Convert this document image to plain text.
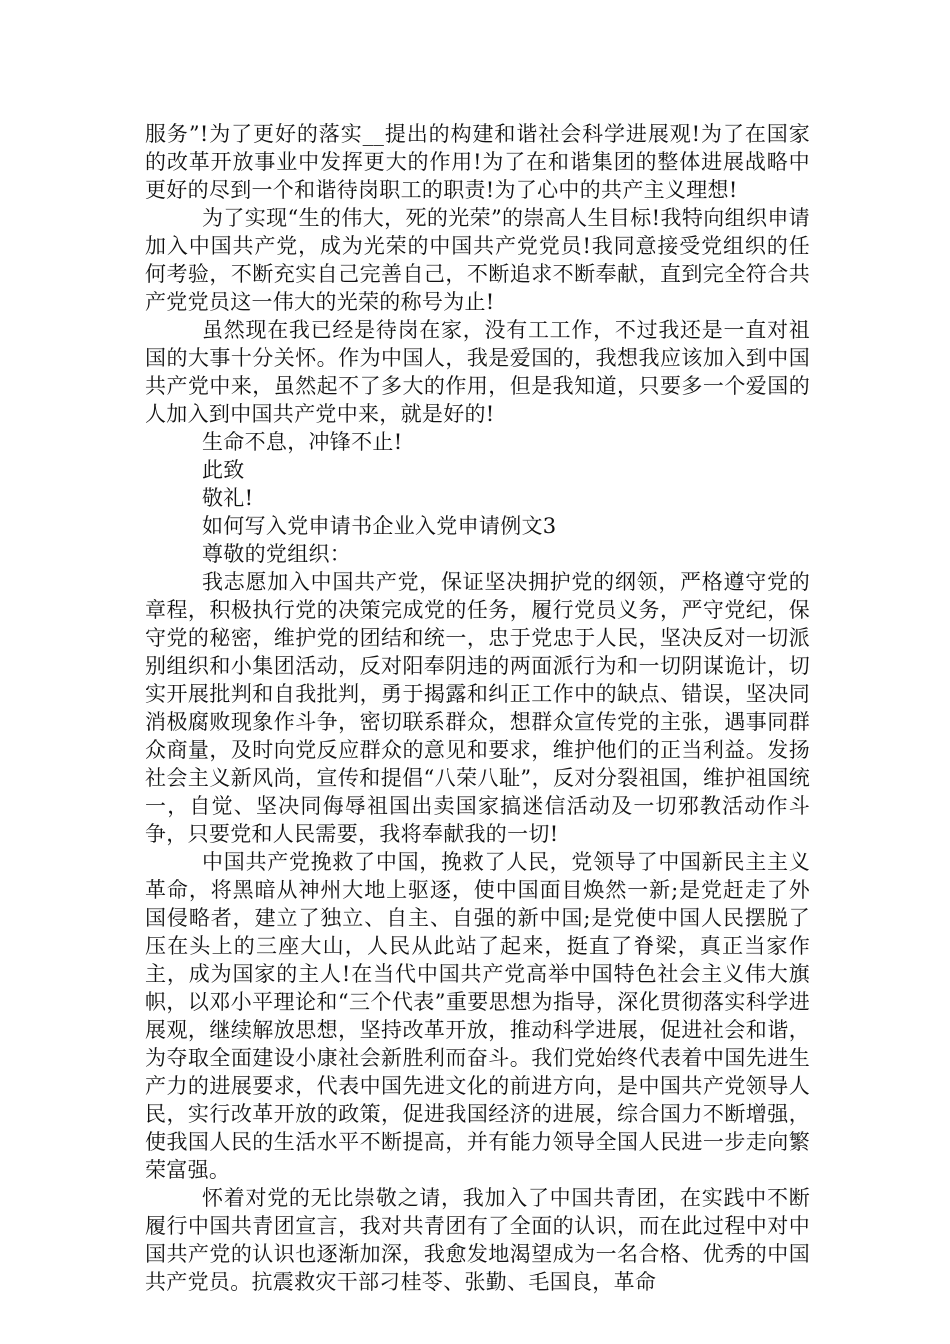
服务”!为了更好的落实__提出的构建和谐社会科学进展观!为了在国家的改革开放事业中发挥更大的作用!为了在和谐集团的整体进展战略中更好的尽到一个和谐待岗职工的职责!为了心中的共产主义理想!

为了实现“生的伟大，死的光荣”的崇高人生目标!我特向组织申请加入中国共产党，成为光荣的中国共产党党员!我同意接受党组织的任何考验，不断充实自己完善自己，不断追求不断奉献，直到完全符合共产党党员这一伟大的光荣的称号为止!

虽然现在我已经是待岗在家，没有工工作，不过我还是一直对祖国的大事十分关怀。作为中国人，我是爱国的，我想我应该加入到中国共产党中来，虽然起不了多大的作用，但是我知道，只要多一个爱国的人加入到中国共产党中来，就是好的!

生命不息，冲锋不止!

此致

敬礼!

如何写入党申请书企业入党申请例文3

尊敬的党组织：

我志愿加入中国共产党，保证坚决拥护党的纲领，严格遵守党的章程，积极执行党的决策完成党的任务，履行党员义务，严守党纪，保守党的秘密，维护党的团结和统一，忠于党忠于人民，坚决反对一切派别组织和小集团活动，反对阳奉阴违的两面派行为和一切阴谋诡计，切实开展批判和自我批判，勇于揭露和纠正工作中的缺点、错误，坚决同消极腐败现象作斗争，密切联系群众，想群众宣传党的主张，遇事同群众商量，及时向党反应群众的意见和要求，维护他们的正当利益。发扬社会主义新风尚，宣传和提倡“八荣八耻”，反对分裂祖国，维护祖国统一，自觉、坚决同侮辱祖国出卖国家搞迷信活动及一切邪教活动作斗争，只要党和人民需要，我将奉献我的一切!

中国共产党挽救了中国，挽救了人民，党领导了中国新民主主义革命，将黑暗从神州大地上驱逐，使中国面目焕然一新;是党赶走了外国侵略者，建立了独立、自主、自强的新中国;是党使中国人民摆脱了压在头上的三座大山，人民从此站了起来，挺直了脊梁，真正当家作主，成为国家的主人!在当代中国共产党高举中国特色社会主义伟大旗帜，以邓小平理论和“三个代表”重要思想为指导，深化贯彻落实科学进展观，继续解放思想，坚持改革开放，推动科学进展，促进社会和谐，为夺取全面建设小康社会新胜利而奋斗。我们党始终代表着中国先进生产力的进展要求，代表中国先进文化的前进方向，是中国共产党领导人民，实行改革开放的政策，促进我国经济的进展，综合国力不断增强，使我国人民的生活水平不断提高，并有能力领导全国人民进一步走向繁荣富强。

怀着对党的无比崇敬之请，我加入了中国共青团，在实践中不断履行中国共青团宣言，我对共青团有了全面的认识，而在此过程中对中国共产党的认识也逐渐加深，我愈发地渴望成为一名合格、优秀的中国共产党员。抗震救灾干部刁桂苓、张勤、毛国良，革命
